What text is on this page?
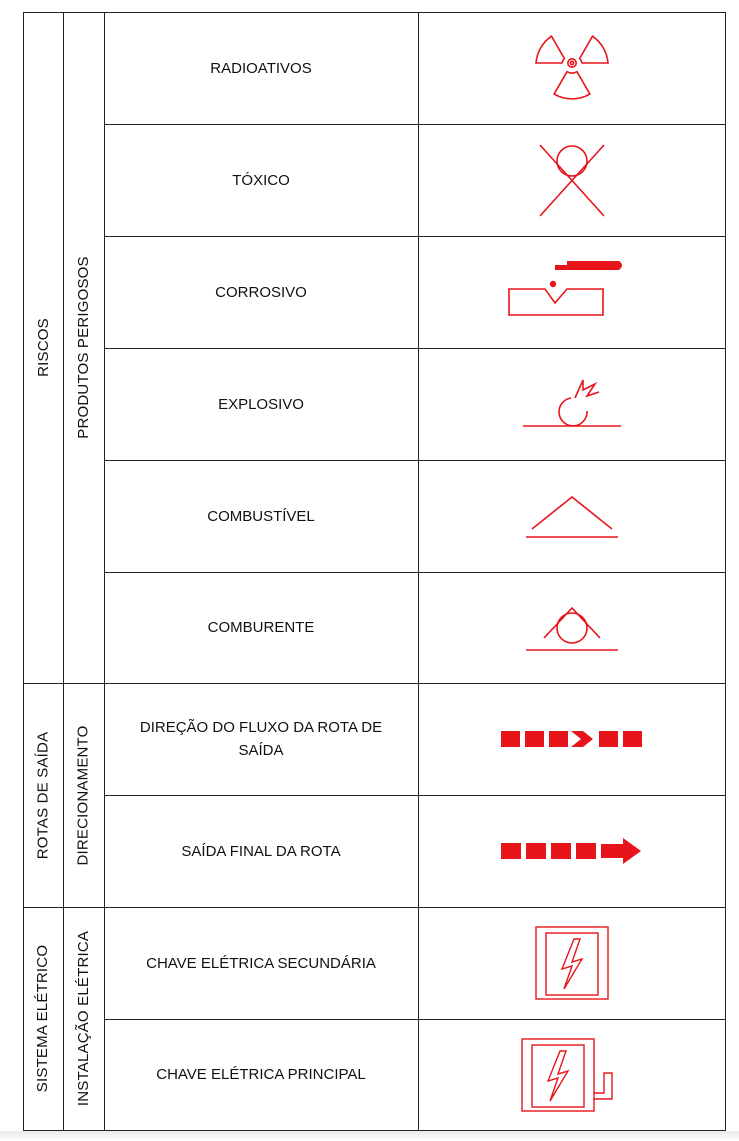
RISCOS PRODUTOS PERIGOSOS
ROTAS DE SAÍDA DIRECIONAMENTO
SISTEMA ELÉTRICO INSTALAÇÃO ELÉTRICA
RADIOATIVOS
TÓXICO
CORROSIVO
EXPLOSIVO
COMBUSTÍVEL
COMBURENTE
DIREÇÃO DO FLUXO DA ROTA DE SAÍDA
SAÍDA FINAL DA ROTA
CHAVE ELÉTRICA SECUNDÁRIA
CHAVE ELÉTRICA PRINCIPAL
